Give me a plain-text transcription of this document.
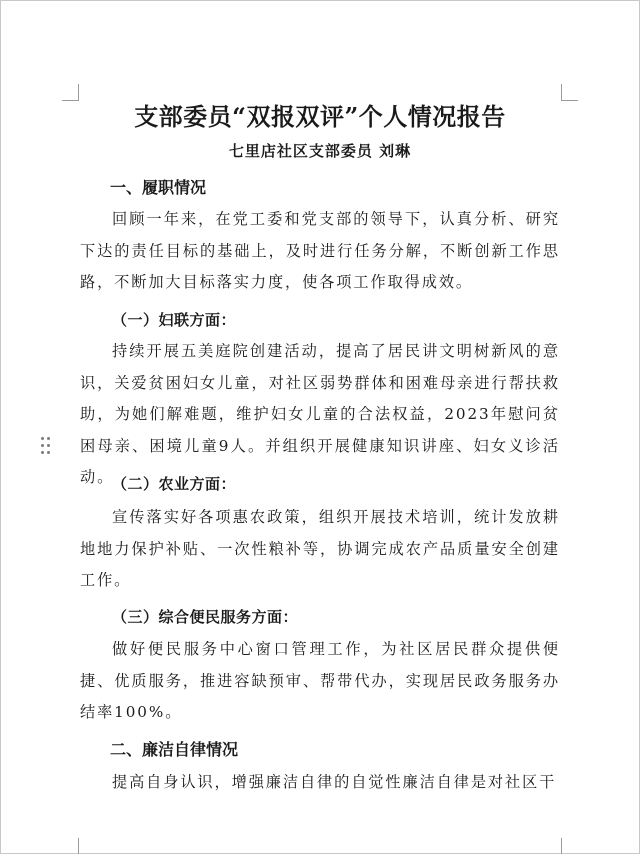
支部委员“双报双评”个人情况报告
七里店社区支部委员 刘琳
一、履职情况
回顾一年来，在党工委和党支部的领导下，认真分析、研究下达的责任目标的基础上，及时进行任务分解，不断创新工作思路，不断加大目标落实力度，使各项工作取得成效。
（一）妇联方面：
持续开展五美庭院创建活动，提高了居民讲文明树新风的意识，关爱贫困妇女儿童，对社区弱势群体和困难母亲进行帮扶救助，为她们解难题，维护妇女儿童的合法权益，2023年慰问贫困母亲、困境儿童9人。并组织开展健康知识讲座、妇女义诊活动。
（二）农业方面：
宣传落实好各项惠农政策，组织开展技术培训，统计发放耕地地力保护补贴、一次性粮补等，协调完成农产品质量安全创建工作。
（三）综合便民服务方面：
做好便民服务中心窗口管理工作，为社区居民群众提供便捷、优质服务，推进容缺预审、帮带代办，实现居民政务服务办结率100%。
二、廉洁自律情况
提高自身认识，增强廉洁自律的自觉性廉洁自律是对社区干
